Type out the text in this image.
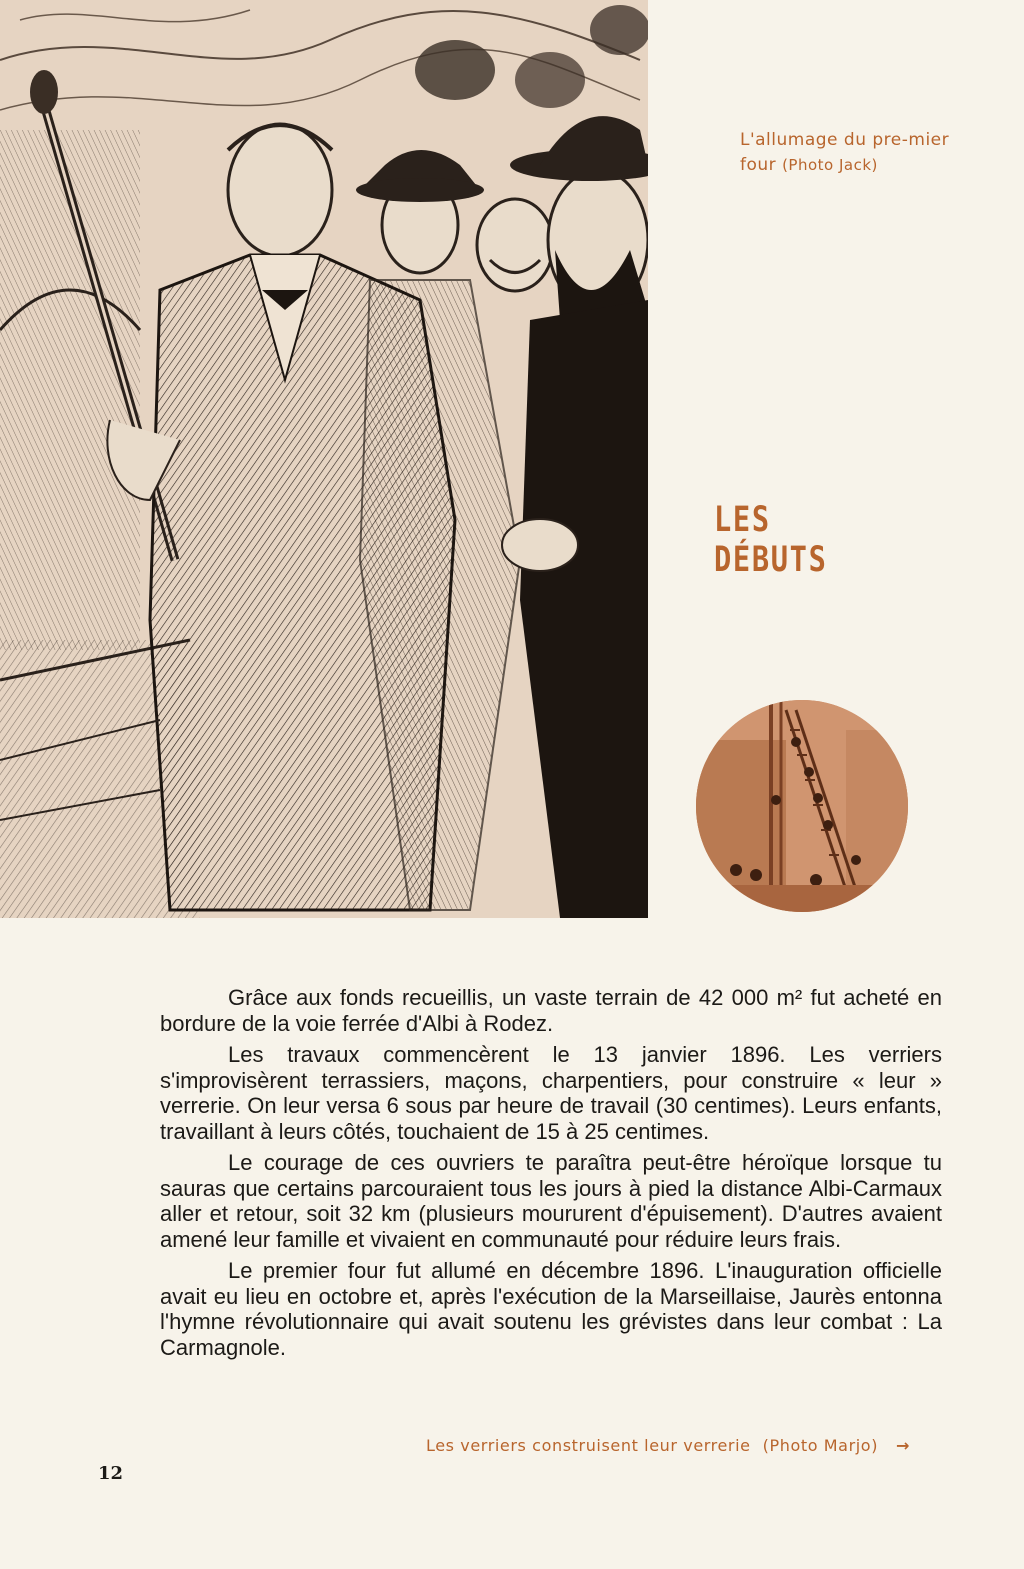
L'allumage du pre-mier four (Photo Jack)
LES DÉBUTS

Grâce aux fonds recueillis, un vaste terrain de 42 000 m² fut acheté en bordure de la voie ferrée d'Albi à Rodez.

Les travaux commencèrent le 13 janvier 1896. Les verriers s'improvisèrent terrassiers, maçons, charpentiers, pour construire « leur » verrerie. On leur versa 6 sous par heure de travail (30 centimes). Leurs enfants, travaillant à leurs côtés, touchaient de 15 à 25 centimes.

Le courage de ces ouvriers te paraîtra peut-être héroïque lorsque tu sauras que certains parcouraient tous les jours à pied la distance Albi-Carmaux aller et retour, soit 32 km (plusieurs moururent d'épuisement). D'autres avaient amené leur famille et vivaient en communauté pour réduire leurs frais.

Le premier four fut allumé en décembre 1896. L'inauguration officielle avait eu lieu en octobre et, après l'exécution de la Marseillaise, Jaurès entonna l'hymne révolutionnaire qui avait soutenu les grévistes dans leur combat : La Carmagnole.

Les verriers construisent leur verrerie (Photo Marjo) →
12
